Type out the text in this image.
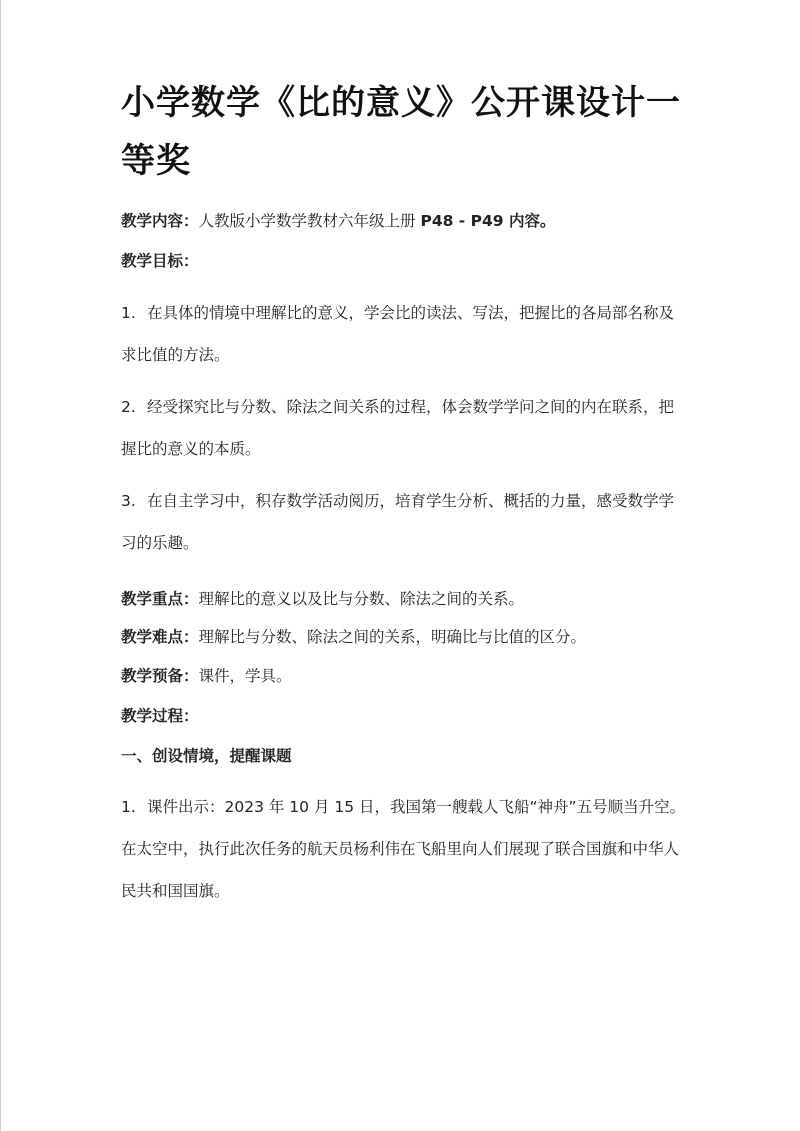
小学数学《比的意义》公开课设计一等奖
教学内容：人教版小学数学教材六年级上册 P48 - P49 内容。
教学目标：
1. 在具体的情境中理解比的意义，学会比的读法、写法，把握比的各局部名称及求比值的方法。
2. 经受探究比与分数、除法之间关系的过程，体会数学学问之间的内在联系，把握比的意义的本质。
3. 在自主学习中，积存数学活动阅历，培育学生分析、概括的力量，感受数学学习的乐趣。
教学重点：理解比的意义以及比与分数、除法之间的关系。
教学难点：理解比与分数、除法之间的关系，明确比与比值的区分。
教学预备：课件，学具。
教学过程：
一、创设情境，提醒课题
1. 课件出示：2023 年 10 月 15 日，我国第一艘载人飞船“神舟”五号顺当升空。在太空中，执行此次任务的航天员杨利伟在飞船里向人们展现了联合国旗和中华人民共和国国旗。
